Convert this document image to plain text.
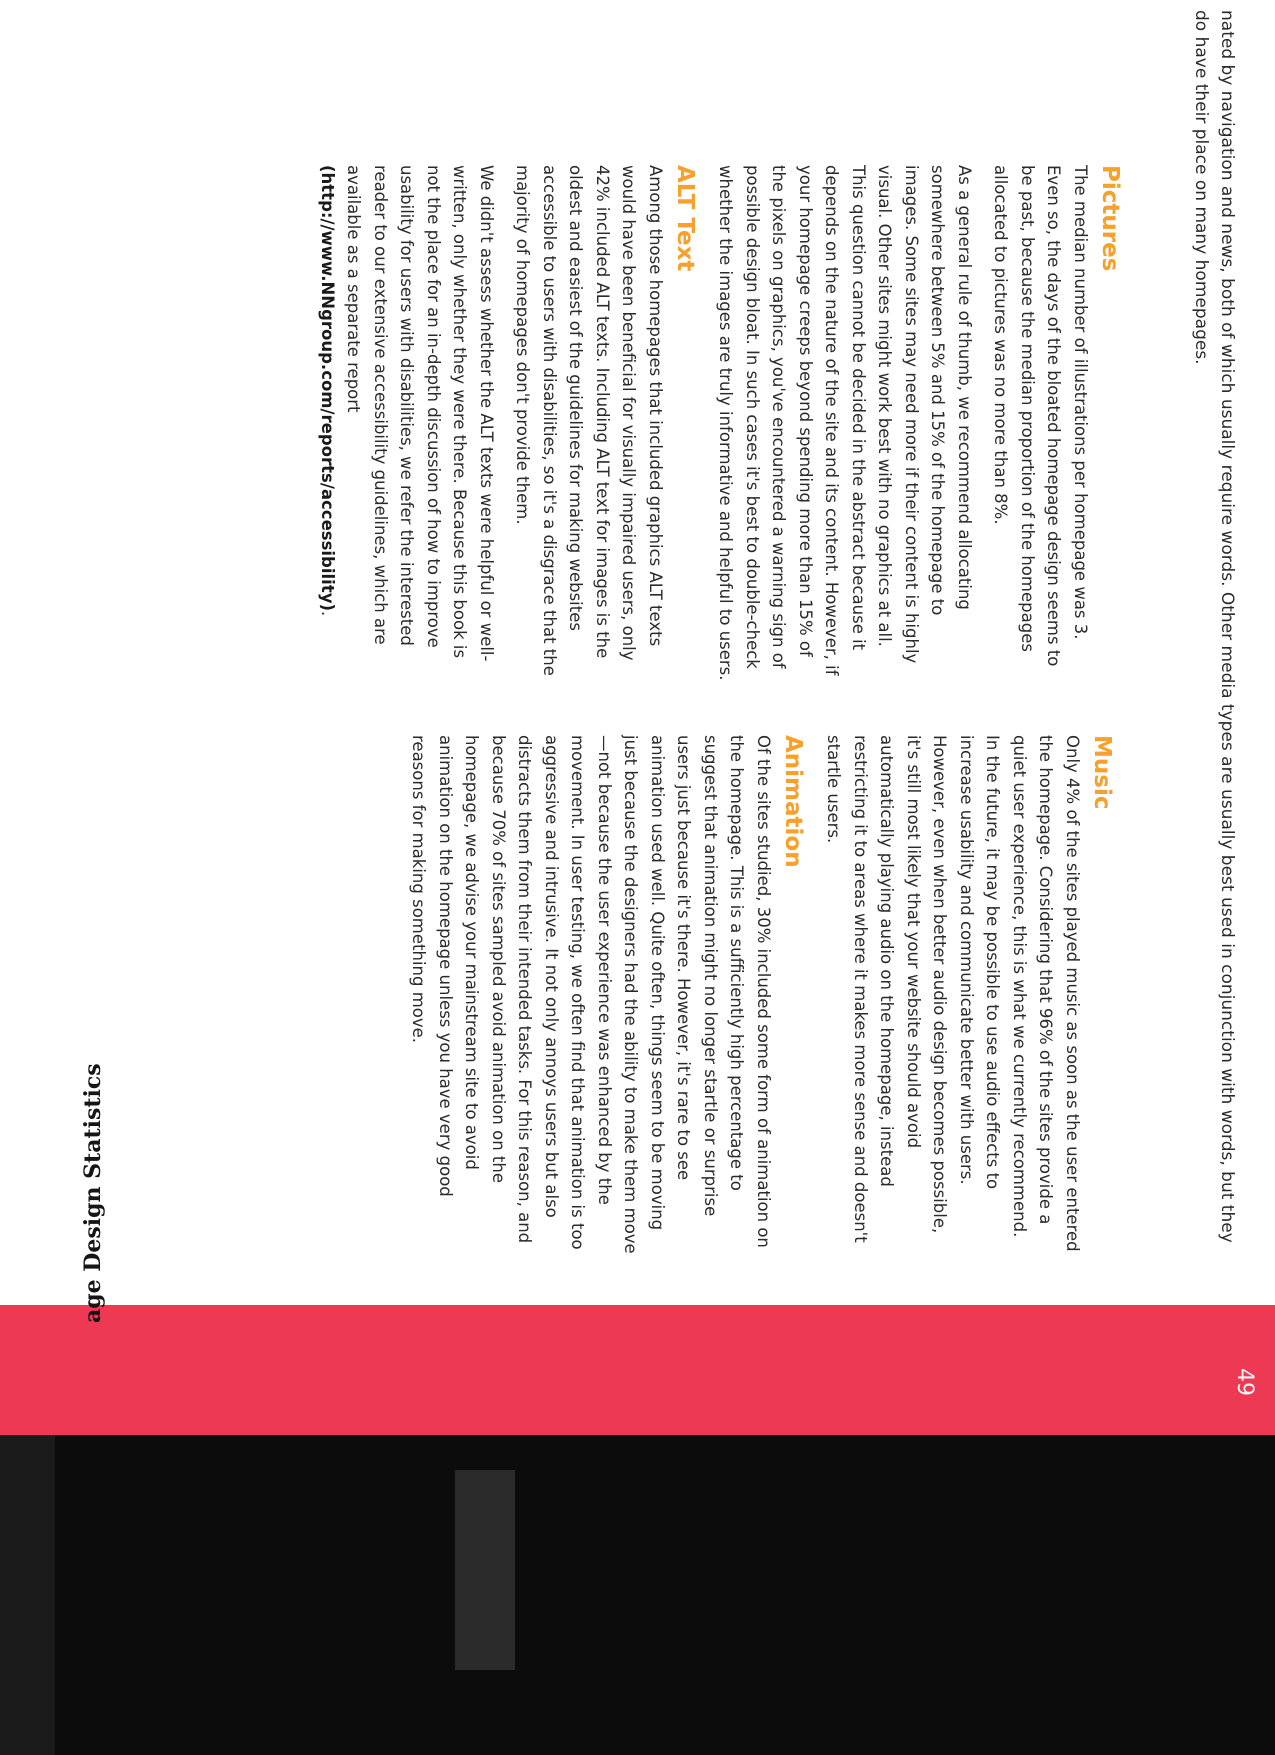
nated by navigation and news, both of which usually require words. Other media types are usually best used in conjunction with words, but they do have their place on many homepages.
Pictures

The median number of illustrations per homepage was 3. Even so, the days of the bloated homepage design seems to be past, because the median proportion of the homepages allocated to pictures was no more than 8%.

As a general rule of thumb, we recommend allocating somewhere between 5% and 15% of the homepage to images. Some sites may need more if their content is highly visual. Other sites might work best with no graphics at all. This question cannot be decided in the abstract because it depends on the nature of the site and its content. However, if your homepage creeps beyond spending more than 15% of the pixels on graphics, you've encountered a warning sign of possible design bloat. In such cases it's best to double-check whether the images are truly informative and helpful to users.

ALT Text

Among those homepages that included graphics ALT texts would have been beneficial for visually impaired users, only 42% included ALT texts. Including ALT text for images is the oldest and easiest of the guidelines for making websites accessible to users with disabilities, so it's a disgrace that the majority of homepages don't provide them.

We didn't assess whether the ALT texts were helpful or well-written, only whether they were there. Because this book is not the place for an in-depth discussion of how to improve usability for users with disabilities, we refer the interested reader to our extensive accessibility guidelines, which are available as a separate report (http://www.NNgroup.com/reports/accessibility).

Music

Only 4% of the sites played music as soon as the user entered the homepage. Considering that 96% of the sites provide a quiet user experience, this is what we currently recommend. In the future, it may be possible to use audio effects to increase usability and communicate better with users. However, even when better audio design becomes possible, it's still most likely that your website should avoid automatically playing audio on the homepage, instead restricting it to areas where it makes more sense and doesn't startle users.

Animation

Of the sites studied, 30% included some form of animation on the homepage. This is a sufficiently high percentage to suggest that animation might no longer startle or surprise users just because it's there. However, it's rare to see animation used well. Quite often, things seem to be moving just because the designers had the ability to make them move—not because the user experience was enhanced by the movement. In user testing, we often find that animation is too aggressive and intrusive. It not only annoys users but also distracts them from their intended tasks. For this reason, and because 70% of sites sampled avoid animation on the homepage, we advise your mainstream site to avoid animation on the homepage unless you have very good reasons for making something move.

age Design Statistics
49
